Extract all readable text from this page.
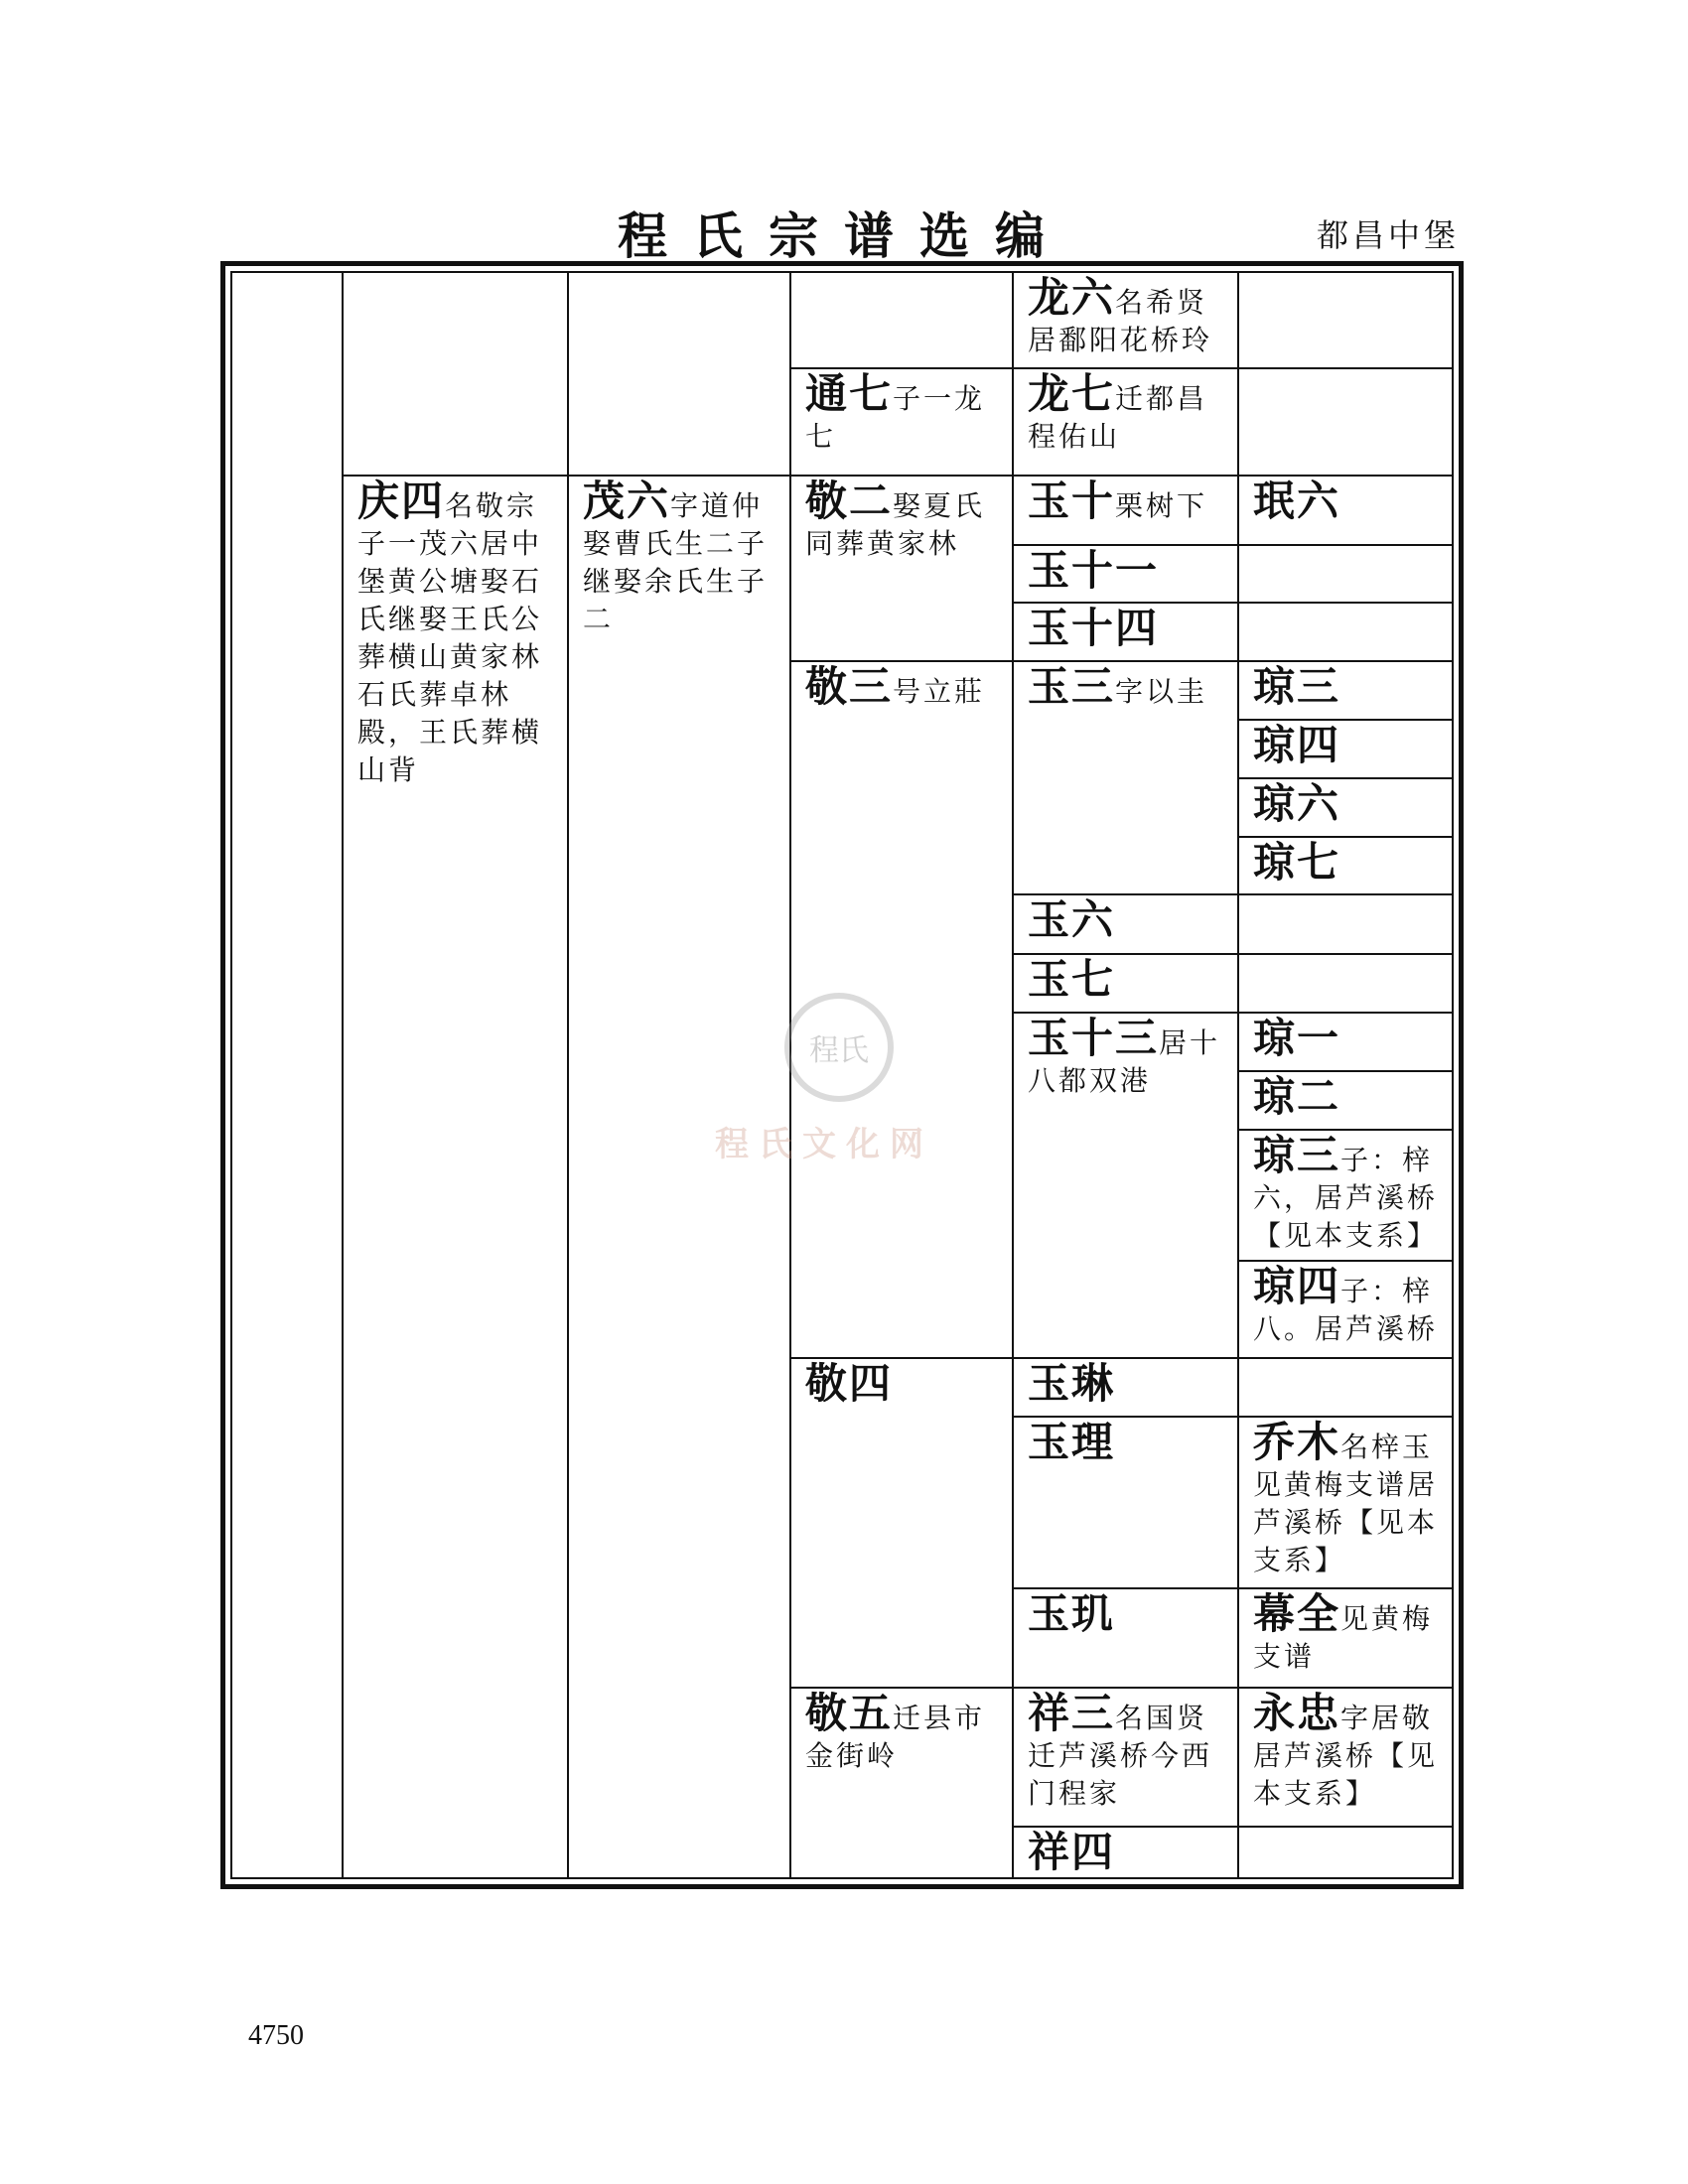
程氏宗谱选编	都昌中堡
庆四名敬宗子一茂六居中堡黄公塘娶石氏继娶王氏公葬横山黄家林石氏葬卓林殿，王氏葬横山背
茂六字道仲娶曹氏生二子继娶余氏生子二
通七子一龙七
敬二娶夏氏同葬黄家林
敬三号立莊
敬四
敬五迁县市金街岭
龙六名希贤居鄱阳花桥玲
龙七迁都昌程佑山
玉十栗树下
玉十一
玉十四
玉三字以圭
玉六
玉七
玉十三居十八都双港
玉琳
玉理
玉玑
祥三名国贤迁芦溪桥今西门程家
祥四
珉六
琼三
琼四
琼六
琼七
琼一
琼二
琼三子：梓六，居芦溪桥【见本支系】
琼四子：梓八。居芦溪桥
乔木名梓玉见黄梅支谱居芦溪桥【见本支系】
幕全见黄梅支谱
永忠字居敬居芦溪桥【见本支系】
程氏
程氏文化网
4750
